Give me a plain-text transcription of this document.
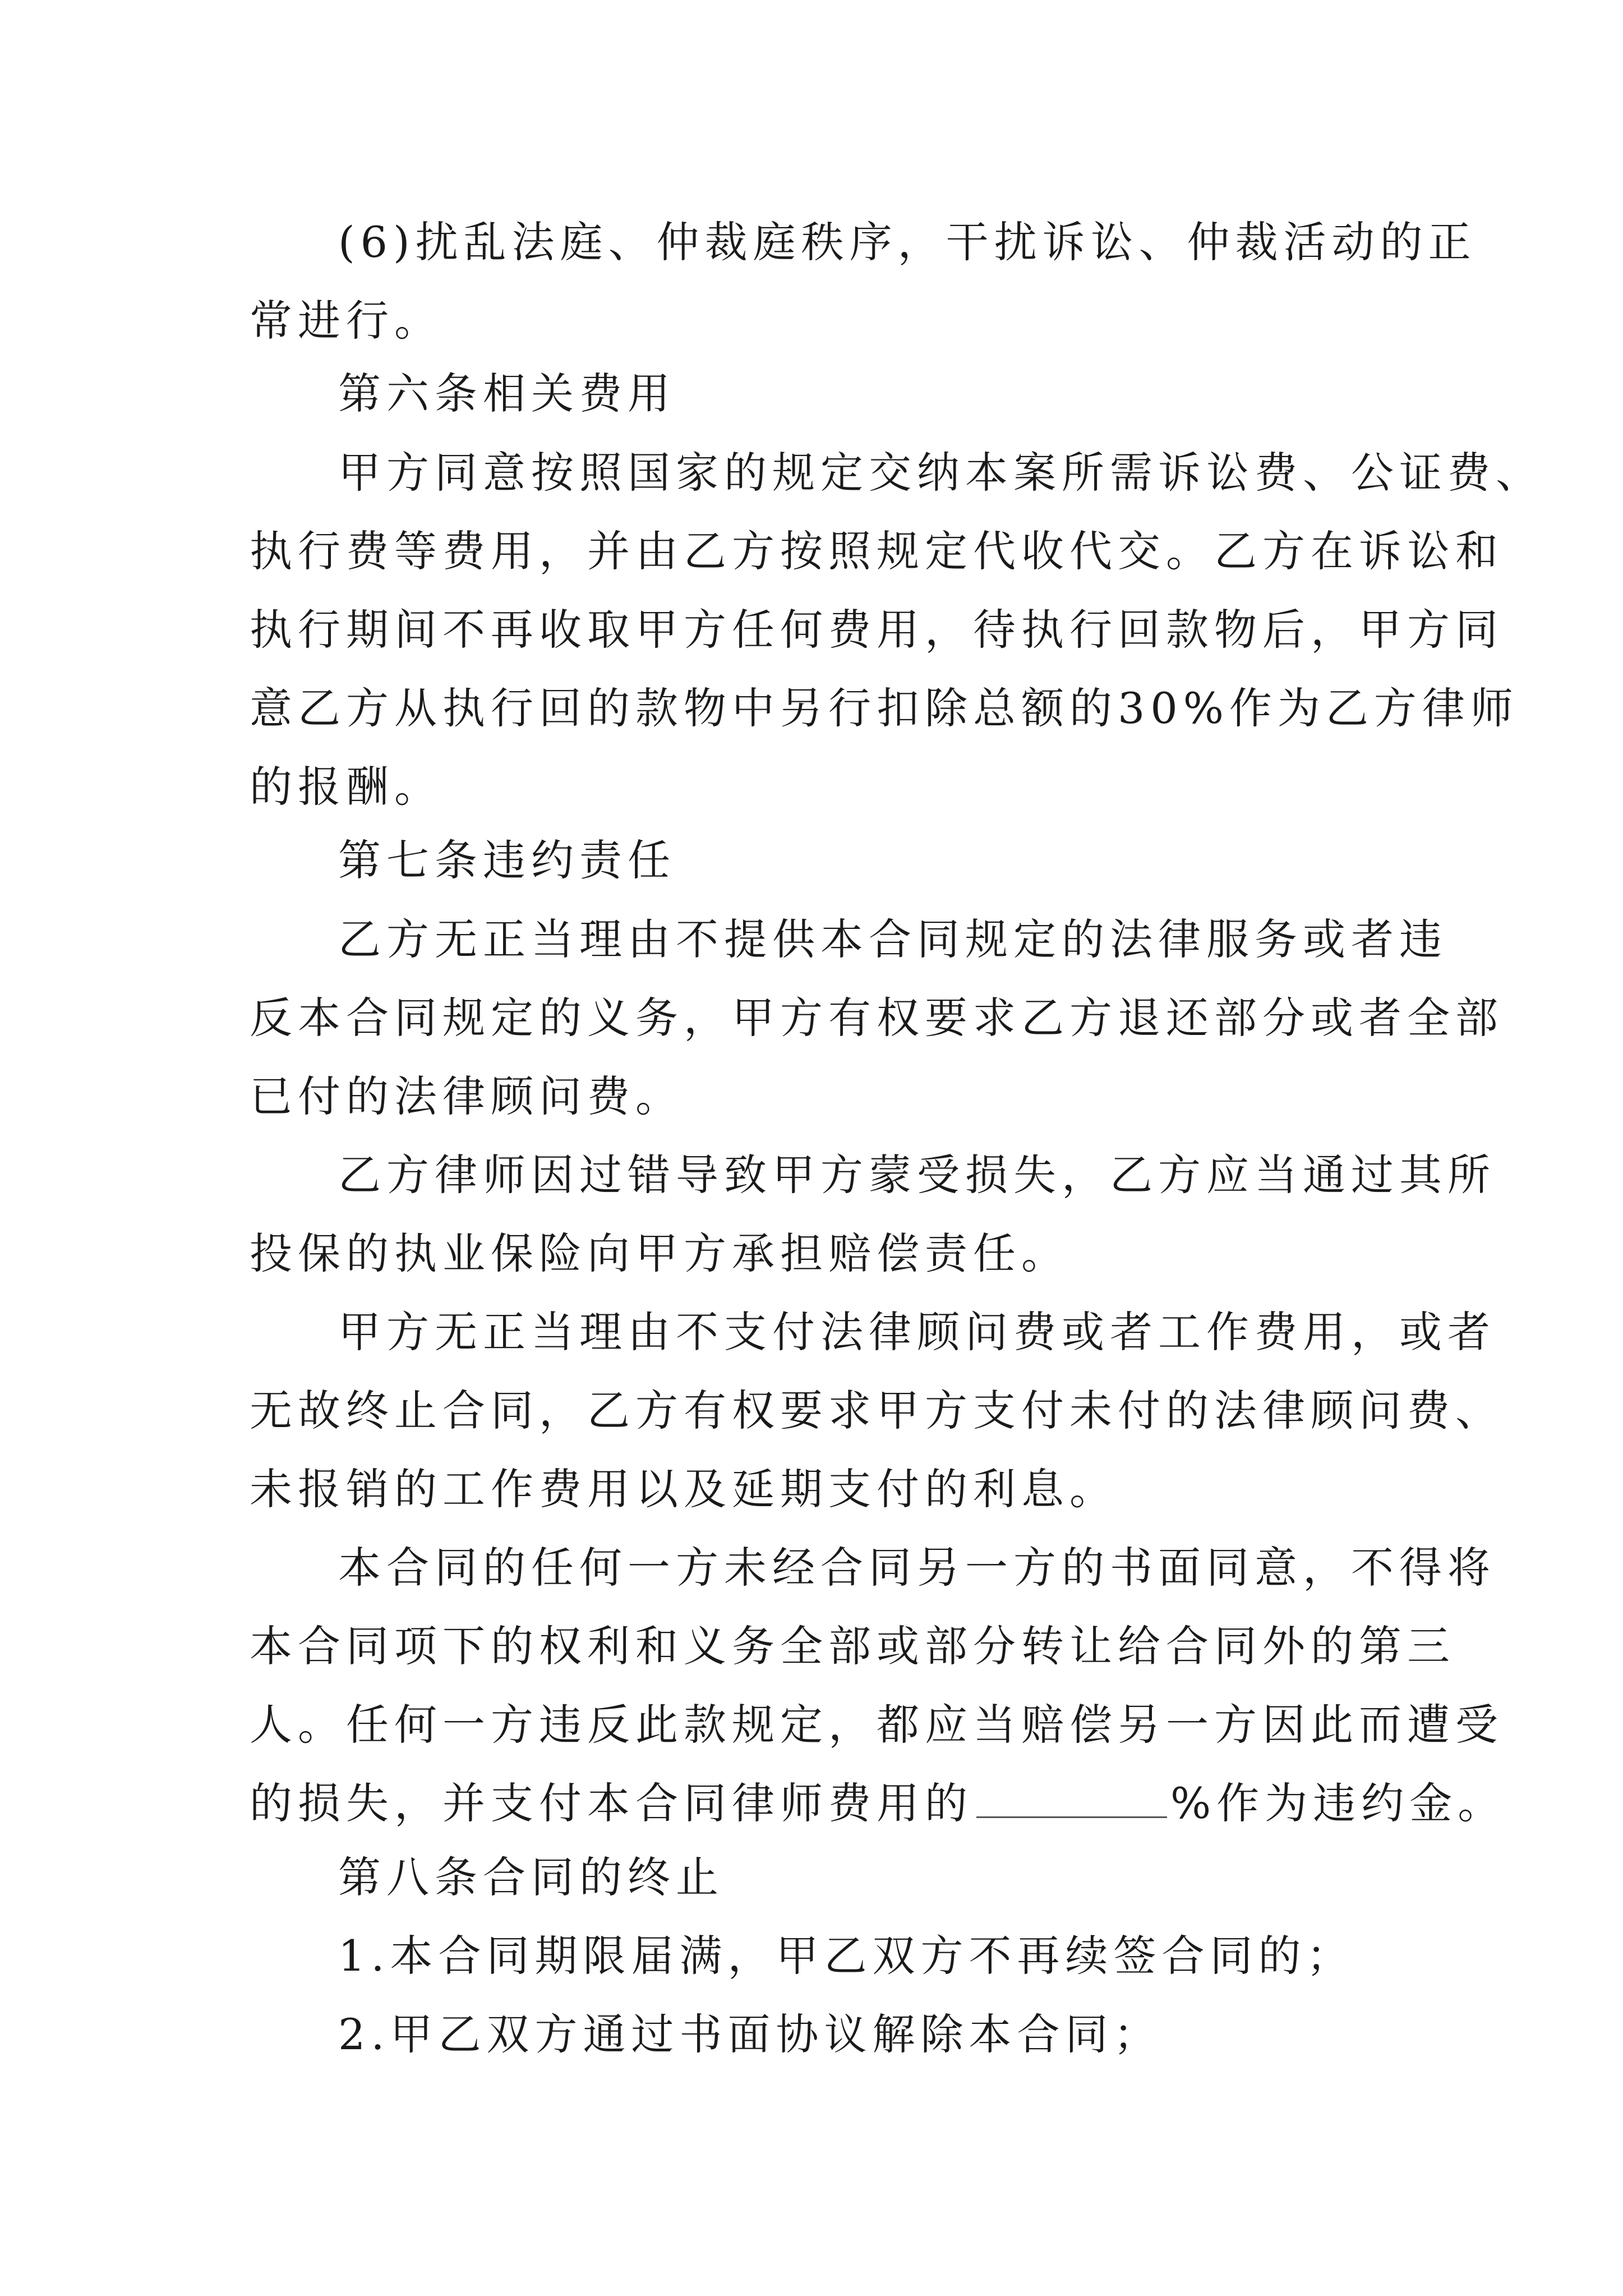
(6)扰乱法庭、仲裁庭秩序，干扰诉讼、仲裁活动的正
常进行。
第六条相关费用
甲方同意按照国家的规定交纳本案所需诉讼费、公证费、
执行费等费用，并由乙方按照规定代收代交。乙方在诉讼和
执行期间不再收取甲方任何费用，待执行回款物后，甲方同
意乙方从执行回的款物中另行扣除总额的30%作为乙方律师
的报酬。
第七条违约责任
乙方无正当理由不提供本合同规定的法律服务或者违
反本合同规定的义务，甲方有权要求乙方退还部分或者全部
已付的法律顾问费。
乙方律师因过错导致甲方蒙受损失，乙方应当通过其所
投保的执业保险向甲方承担赔偿责任。
甲方无正当理由不支付法律顾问费或者工作费用，或者
无故终止合同，乙方有权要求甲方支付未付的法律顾问费、
未报销的工作费用以及延期支付的利息。
本合同的任何一方未经合同另一方的书面同意，不得将
本合同项下的权利和义务全部或部分转让给合同外的第三
人。任何一方违反此款规定，都应当赔偿另一方因此而遭受
的损失，并支付本合同律师费用的	%作为违约金。
第八条合同的终止
1.本合同期限届满，甲乙双方不再续签合同的；
2.甲乙双方通过书面协议解除本合同；
